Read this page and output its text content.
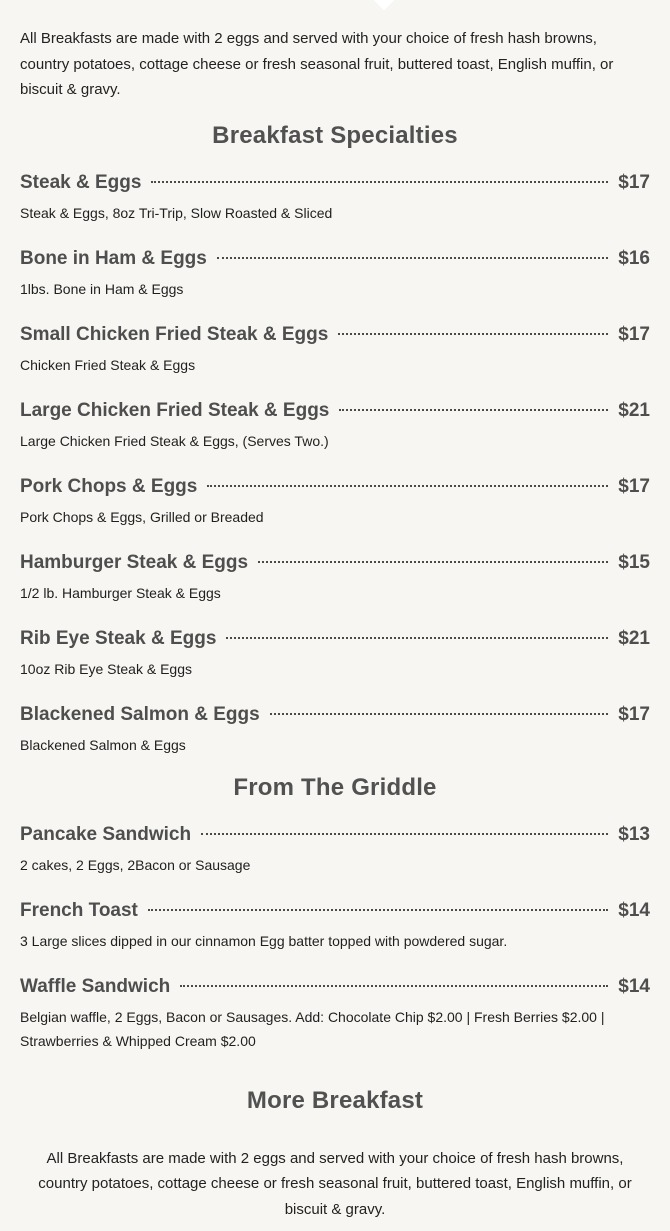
All Breakfasts are made with 2 eggs and served with your choice of fresh hash browns, country potatoes, cottage cheese or fresh seasonal fruit, buttered toast, English muffin, or biscuit & gravy.

Breakfast Specialties
Steak & Eggs	$17

Steak & Eggs, 8oz Tri-Trip, Slow Roasted & Sliced

Bone in Ham & Eggs	$16

1lbs. Bone in Ham & Eggs

Small Chicken Fried Steak & Eggs	$17

Chicken Fried Steak & Eggs

Large Chicken Fried Steak & Eggs	$21

Large Chicken Fried Steak & Eggs, (Serves Two.)

Pork Chops & Eggs	$17

Pork Chops & Eggs, Grilled or Breaded

Hamburger Steak & Eggs	$15

1/2 lb. Hamburger Steak & Eggs

Rib Eye Steak & Eggs	$21

10oz Rib Eye Steak & Eggs

Blackened Salmon & Eggs	$17

Blackened Salmon & Eggs

From The Griddle
Pancake Sandwich	$13

2 cakes, 2 Eggs, 2Bacon or Sausage

French Toast	$14

3 Large slices dipped in our cinnamon Egg batter topped with powdered sugar.

Waffle Sandwich	$14

Belgian waffle, 2 Eggs, Bacon or Sausages. Add: Chocolate Chip $2.00 | Fresh Berries $2.00 | Strawberries & Whipped Cream $2.00

More Breakfast

All Breakfasts are made with 2 eggs and served with your choice of fresh hash browns, country potatoes, cottage cheese or fresh seasonal fruit, buttered toast, English muffin, or biscuit & gravy.
